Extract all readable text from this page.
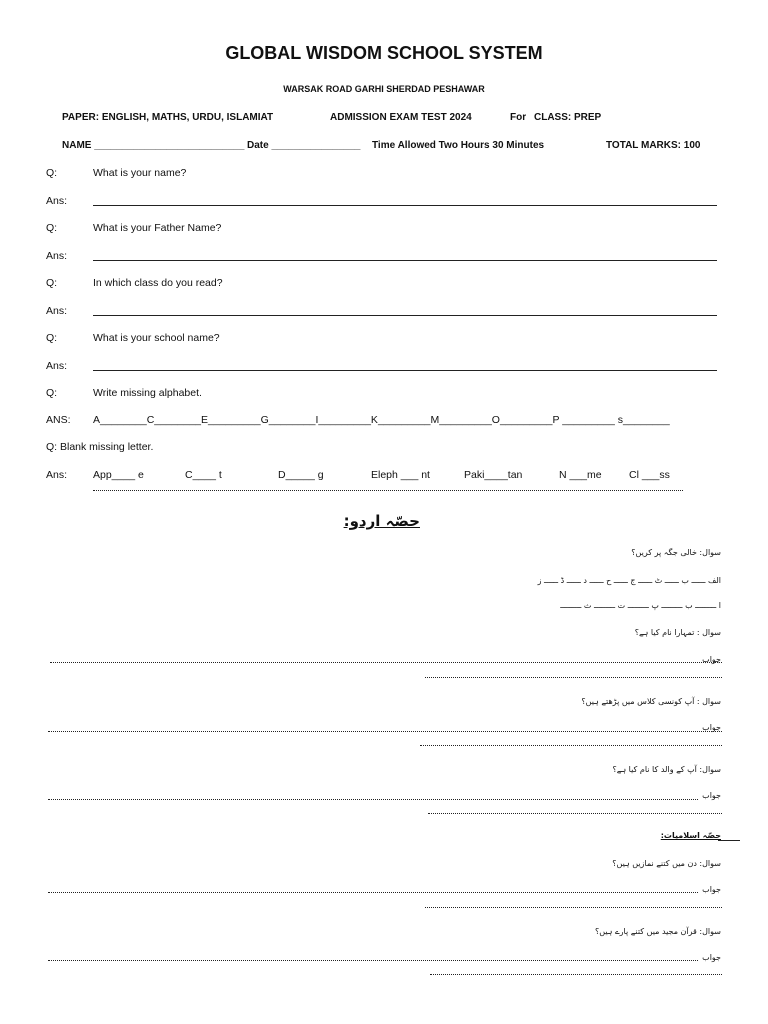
GLOBAL WISDOM SCHOOL SYSTEM
WARSAK ROAD GARHI SHERDAD PESHAWAR
PAPER: ENGLISH, MATHS, URDU, ISLAMIAT	ADMISSION EXAM TEST 2024	For CLASS: PREP
NAME ___________________________ Date ________________ Time Allowed Two Hours 30 Minutes	TOTAL MARKS: 100
Q:	What is your name?
Ans:
Q:	What is your Father Name?
Ans:
Q:	In which class do you read?
Ans:
Q:	What is your school name?
Ans:
Q:	Write missing alphabet.
ANS: A________C________E_________G________I_________K_________M_________O_________P _________ s________
Q: Blank missing letter.
Ans: App____ e	C____ t	D_____ g	Eleph ___ nt	Paki____tan	N ___me	Cl ___ss
حصّہ اردو:
سوال: خالی جگہ پر کریں؟
الف ــــــ ب ــــــ ٹ ــــــ ج ــــــ ح ــــــ د ــــــ ڈ ــــــ ز
ا ـــــــــ ب ـــــــــ پ ـــــــــ ت ـــــــــ ث ـــــــــ
سوال : تمہارا نام کیا ہے؟
جواب
سوال : آپ کونسی کلاس میں پڑھتے ہیں؟
جواب
سوال: آپ کے والد کا نام کیا ہے؟
جواب
حصّہ اسلامیات:
سوال: دن میں کتنے نمازیں ہیں؟
جواب
سوال: قرآن مجید میں کتنے پارے ہیں؟
جواب
